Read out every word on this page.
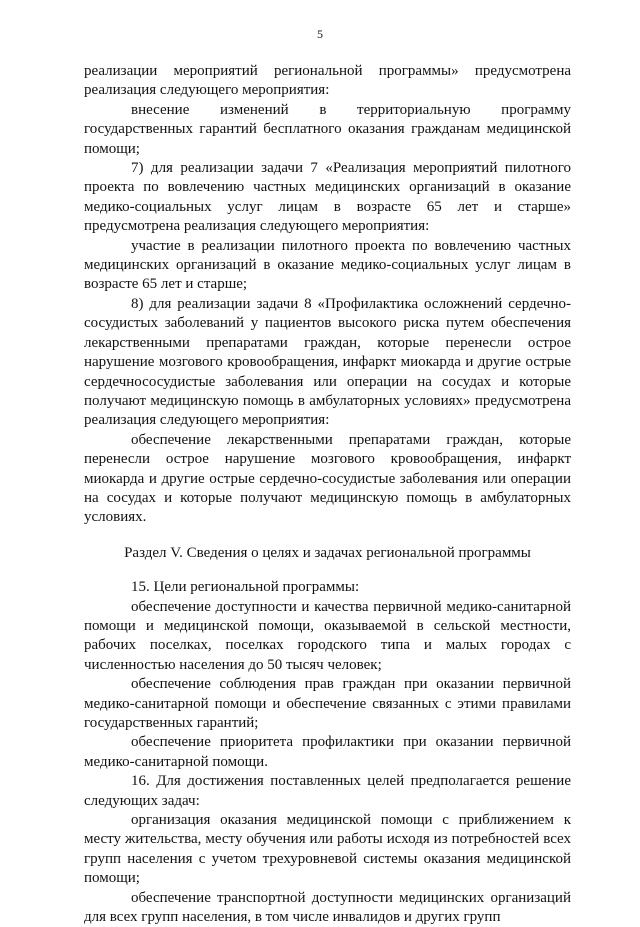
5

реализации мероприятий региональной программы» предусмотрена реализация следующего мероприятия:

внесение изменений в территориальную программу государственных гарантий бесплатного оказания гражданам медицинской помощи;

7) для реализации задачи 7 «Реализация мероприятий пилотного проекта по вовлечению частных медицинских организаций в оказание медико-социальных услуг лицам в возрасте 65 лет и старше» предусмотрена реализация следующего мероприятия:

участие в реализации пилотного проекта по вовлечению частных медицинских организаций в оказание медико-социальных услуг лицам в возрасте 65 лет и старше;

8) для реализации задачи 8 «Профилактика осложнений сердечно-сосудистых заболеваний у пациентов высокого риска путем обеспечения лекарственными препаратами граждан, которые перенесли острое нарушение мозгового кровообращения, инфаркт миокарда и другие острые сердечнососудистые заболевания или операции на сосудах и которые получают медицинскую помощь в амбулаторных условиях» предусмотрена реализация следующего мероприятия:

обеспечение лекарственными препаратами граждан, которые перенесли острое нарушение мозгового кровообращения, инфаркт миокарда и другие острые сердечно-сосудистые заболевания или операции на сосудах и которые получают медицинскую помощь в амбулаторных условиях.

Раздел V. Сведения о целях и задачах региональной программы

15. Цели региональной программы:

обеспечение доступности и качества первичной медико-санитарной помощи и медицинской помощи, оказываемой в сельской местности, рабочих поселках, поселках городского типа и малых городах с численностью населения до 50 тысяч человек;

обеспечение соблюдения прав граждан при оказании первичной медико-санитарной помощи и обеспечение связанных с этими правилами государственных гарантий;

обеспечение приоритета профилактики при оказании первичной медико-санитарной помощи.

16. Для достижения поставленных целей предполагается решение следующих задач:

организация оказания медицинской помощи с приближением к месту жительства, месту обучения или работы исходя из потребностей всех групп населения с учетом трехуровневой системы оказания медицинской помощи;

обеспечение транспортной доступности медицинских организаций для всех групп населения, в том числе инвалидов и других групп
